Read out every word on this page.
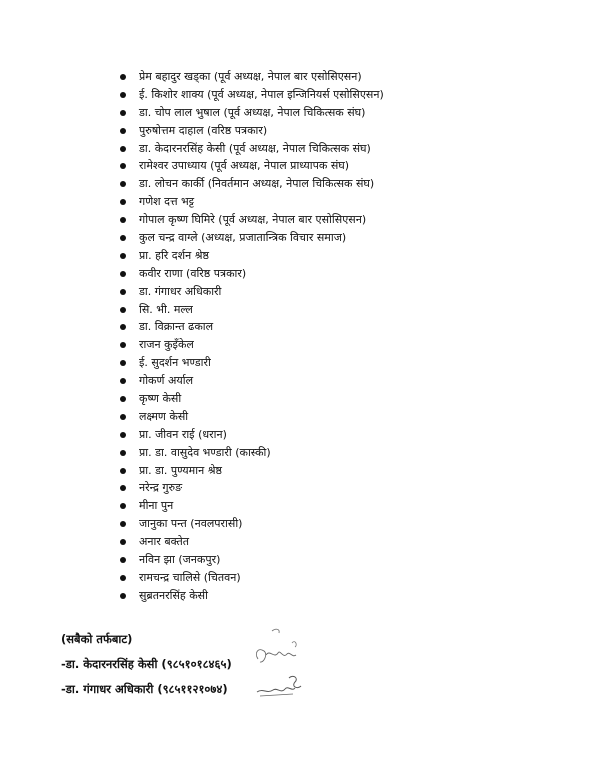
प्रेम बहादुर खड्का (पूर्व अध्यक्ष, नेपाल बार एसोसिएसन)
ई. किशोर शाक्य (पूर्व अध्यक्ष, नेपाल इन्जिनियर्स एसोसिएसन)
डा. चोप लाल भुषाल (पूर्व अध्यक्ष, नेपाल चिकित्सक संघ)
पुरुषोत्तम दाहाल (वरिष्ठ पत्रकार)
डा. केदारनरसिंह केसी (पूर्व अध्यक्ष, नेपाल चिकित्सक संघ)
रामेश्वर उपाध्याय (पूर्व अध्यक्ष, नेपाल प्राध्यापक संघ)
डा. लोचन कार्की (निवर्तमान अध्यक्ष, नेपाल चिकित्सक संघ)
गणेश दत्त भट्ट
गोपाल कृष्ण घिमिरे (पूर्व अध्यक्ष, नेपाल बार एसोसिएसन)
कुल चन्द्र वाग्ले (अध्यक्ष, प्रजातान्त्रिक विचार समाज)
प्रा. हरि दर्शन श्रेष्ठ
कवीर राणा (वरिष्ठ पत्रकार)
डा. गंगाधर अधिकारी
सि. भी. मल्ल
डा. विक्रान्त ढकाल
राजन कुइँकेल
ई. सुदर्शन भण्डारी
गोकर्ण अर्याल
कृष्ण केसी
लक्ष्मण केसी
प्रा. जीवन राई (धरान)
प्रा. डा. वासुदेव भण्डारी (कास्की)
प्रा. डा. पुण्यमान श्रेष्ठ
नरेन्द्र गुरुङ
मीना पुन
जानुका पन्त (नवलपरासी)
अनार बक्तेत
नविन झा (जनकपुर)
रामचन्द्र चालिसे (चितवन)
सुब्रतनरसिंह केसी
(सबैको तर्फबाट)
-डा. केदारनरसिंह केसी (९८५१०१८४६५)
-डा. गंगाधर अधिकारी (९८५११२१०७४)
